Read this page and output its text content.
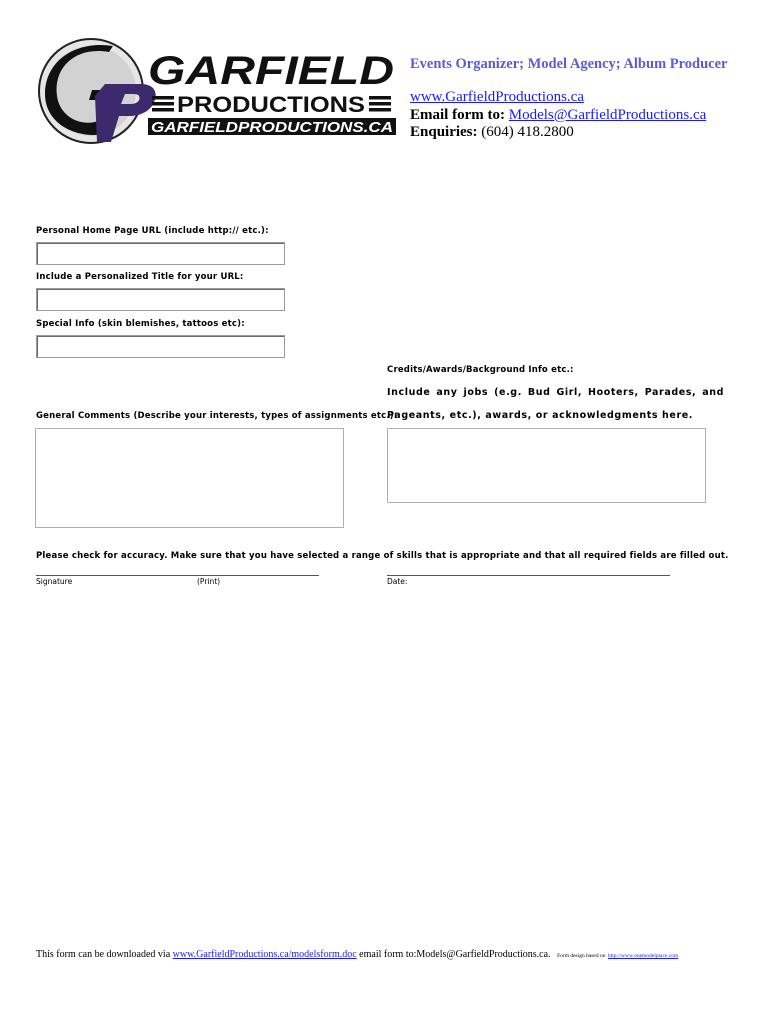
GARFIELD
PRODUCTIONS
GARFIELDPRODUCTIONS.CA
Events Organizer; Model Agency; Album Producer
www.GarfieldProductions.ca
Email form to: Models@GarfieldProductions.ca
Enquiries: (604) 418.2800
Personal Home Page URL (include http:// etc.):
Include a Personalized Title for your URL:
Special Info (skin blemishes, tattoos etc):
Credits/Awards/Background Info etc.:
Include any jobs (e.g. Bud Girl, Hooters, Parades, and
General Comments (Describe your interests, types of assignments etc.):
Pageants, etc.), awards, or acknowledgments here.
Please check for accuracy. Make sure that you have selected a range of skills that is appropriate and that all required fields are filled out.
Signature	(Print)	Date:
This form can be downloaded via www.GarfieldProductions.ca/modelsform.doc email form to:Models@GarfieldProductions.ca. Form design based on http://www.onemodelplace.com
